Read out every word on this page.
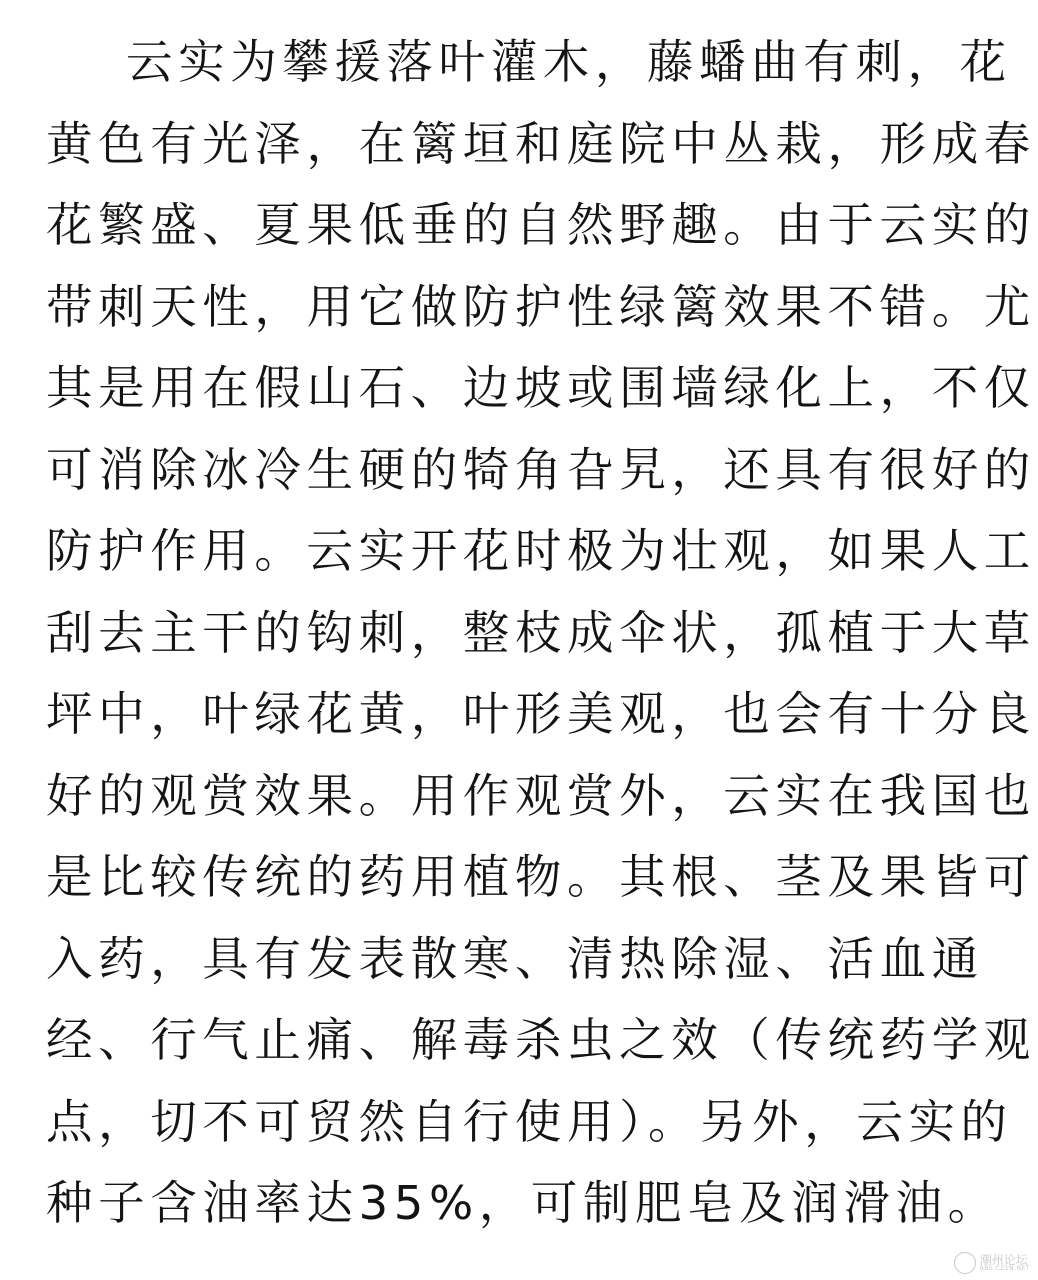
云实为攀援落叶灌木，藤蟠曲有刺，花
黄色有光泽，在篱垣和庭院中丛栽，形成春
花繁盛、夏果低垂的自然野趣。由于云实的
带刺天性，用它做防护性绿篱效果不错。尤
其是用在假山石、边坡或围墙绿化上，不仅
可消除冰冷生硬的犄角旮旯，还具有很好的
防护作用。云实开花时极为壮观，如果人工
刮去主干的钩刺，整枝成伞状，孤植于大草
坪中，叶绿花黄，叶形美观，也会有十分良
好的观赏效果。用作观赏外，云实在我国也
是比较传统的药用植物。其根、茎及果皆可
入药，具有发表散寒、清热除湿、活血通
经、行气止痛、解毒杀虫之效（传统药学观
点，切不可贸然自行使用）。另外，云实的
种子含油率达35%，可制肥皂及润滑油。
潮州论坛
BBS.CZ1N.NET
